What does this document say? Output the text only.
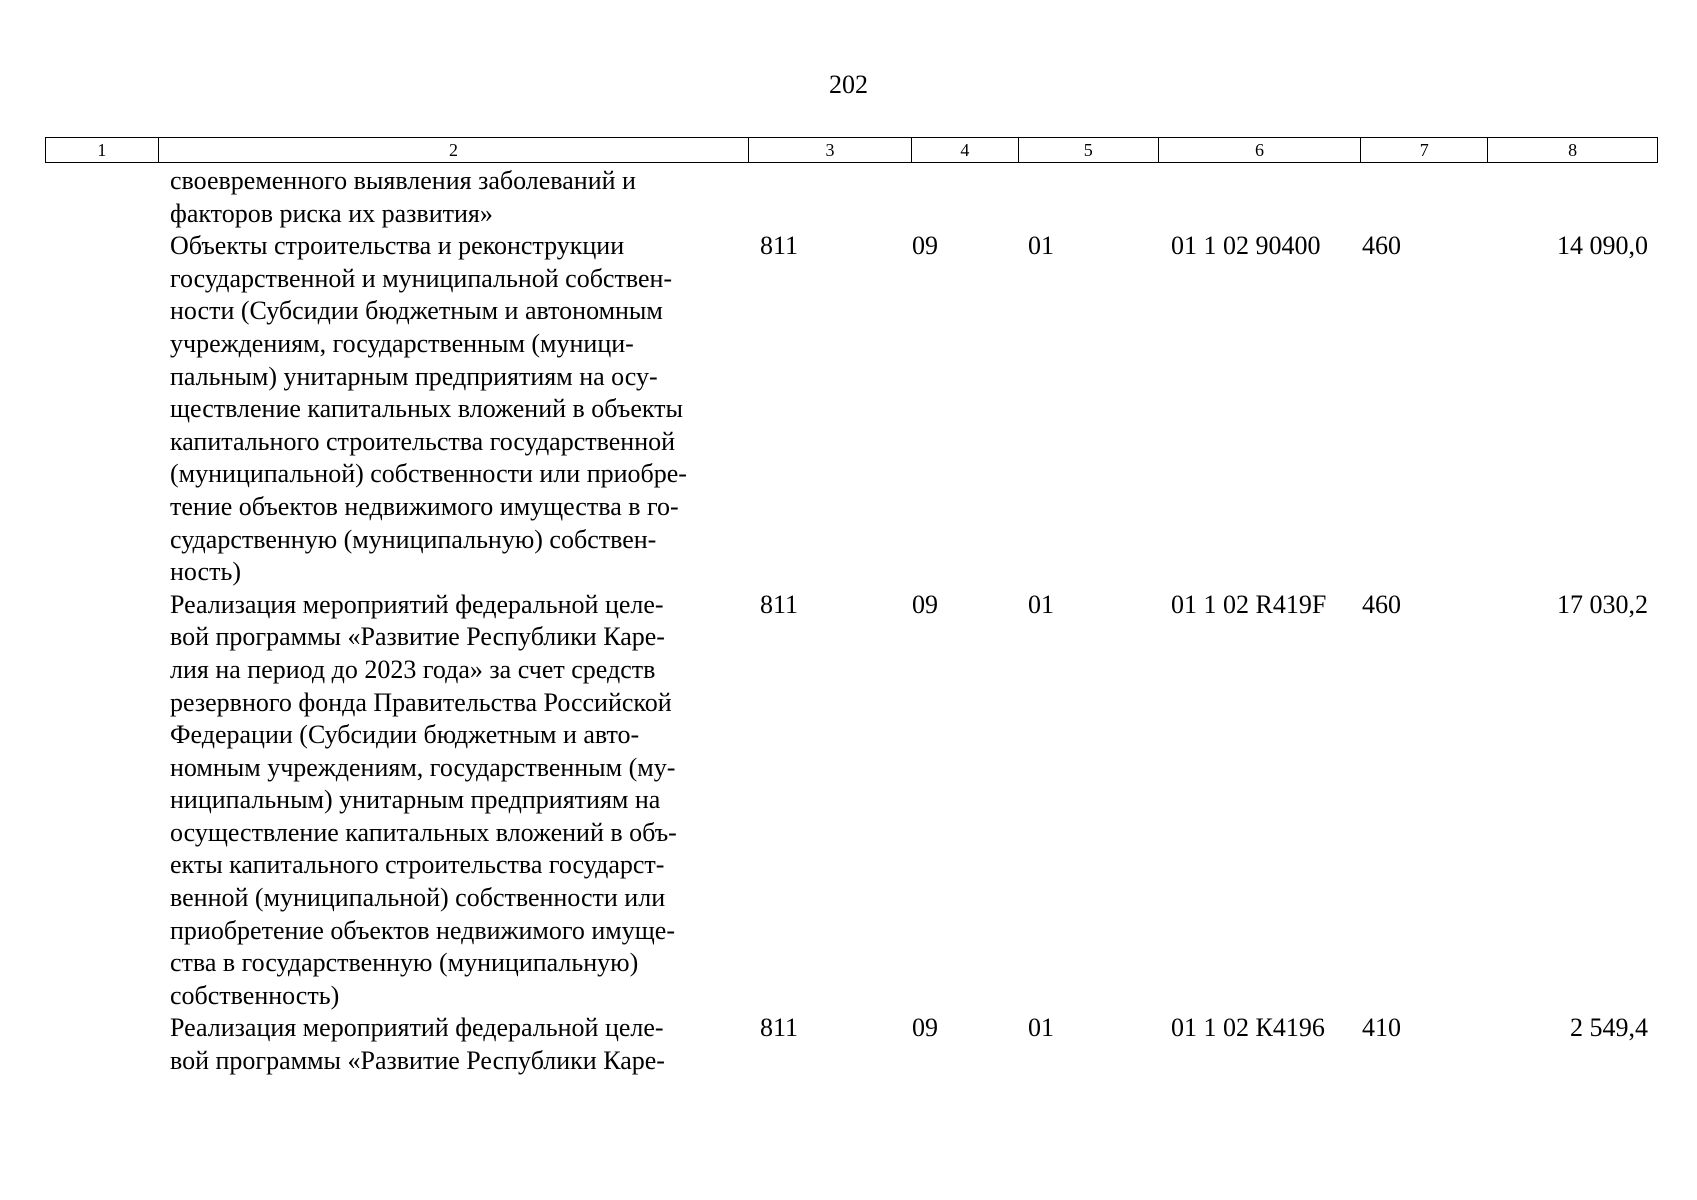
202
1	2	3	4	5	6	7	8
своевременного выявления заболеваний и
факторов риска их развития»
Объекты строительства и реконструкции
государственной и муниципальной собствен-
ности (Субсидии бюджетным и автономным
учреждениям, государственным (муници-
пальным) унитарным предприятиям на осу-
ществление капитальных вложений в объекты
капитального строительства государственной
(муниципальной) собственности или приобре-
тение объектов недвижимого имущества в го-
сударственную (муниципальную) собствен-
ность)
811	09	01	01 1 02 90400	460	14 090,0
Реализация мероприятий федеральной целе-
вой программы «Развитие Республики Каре-
лия на период до 2023 года» за счет средств
резервного фонда Правительства Российской
Федерации (Субсидии бюджетным и авто-
номным учреждениям, государственным (му-
ниципальным) унитарным предприятиям на
осуществление капитальных вложений в объ-
екты капитального строительства государст-
венной (муниципальной) собственности или
приобретение объектов недвижимого имуще-
ства в государственную (муниципальную)
собственность)
811	09	01	01 1 02 R419F	460	17 030,2
Реализация мероприятий федеральной целе-
вой программы «Развитие Республики Каре-
811	09	01	01 1 02 К4196	410	2 549,4
